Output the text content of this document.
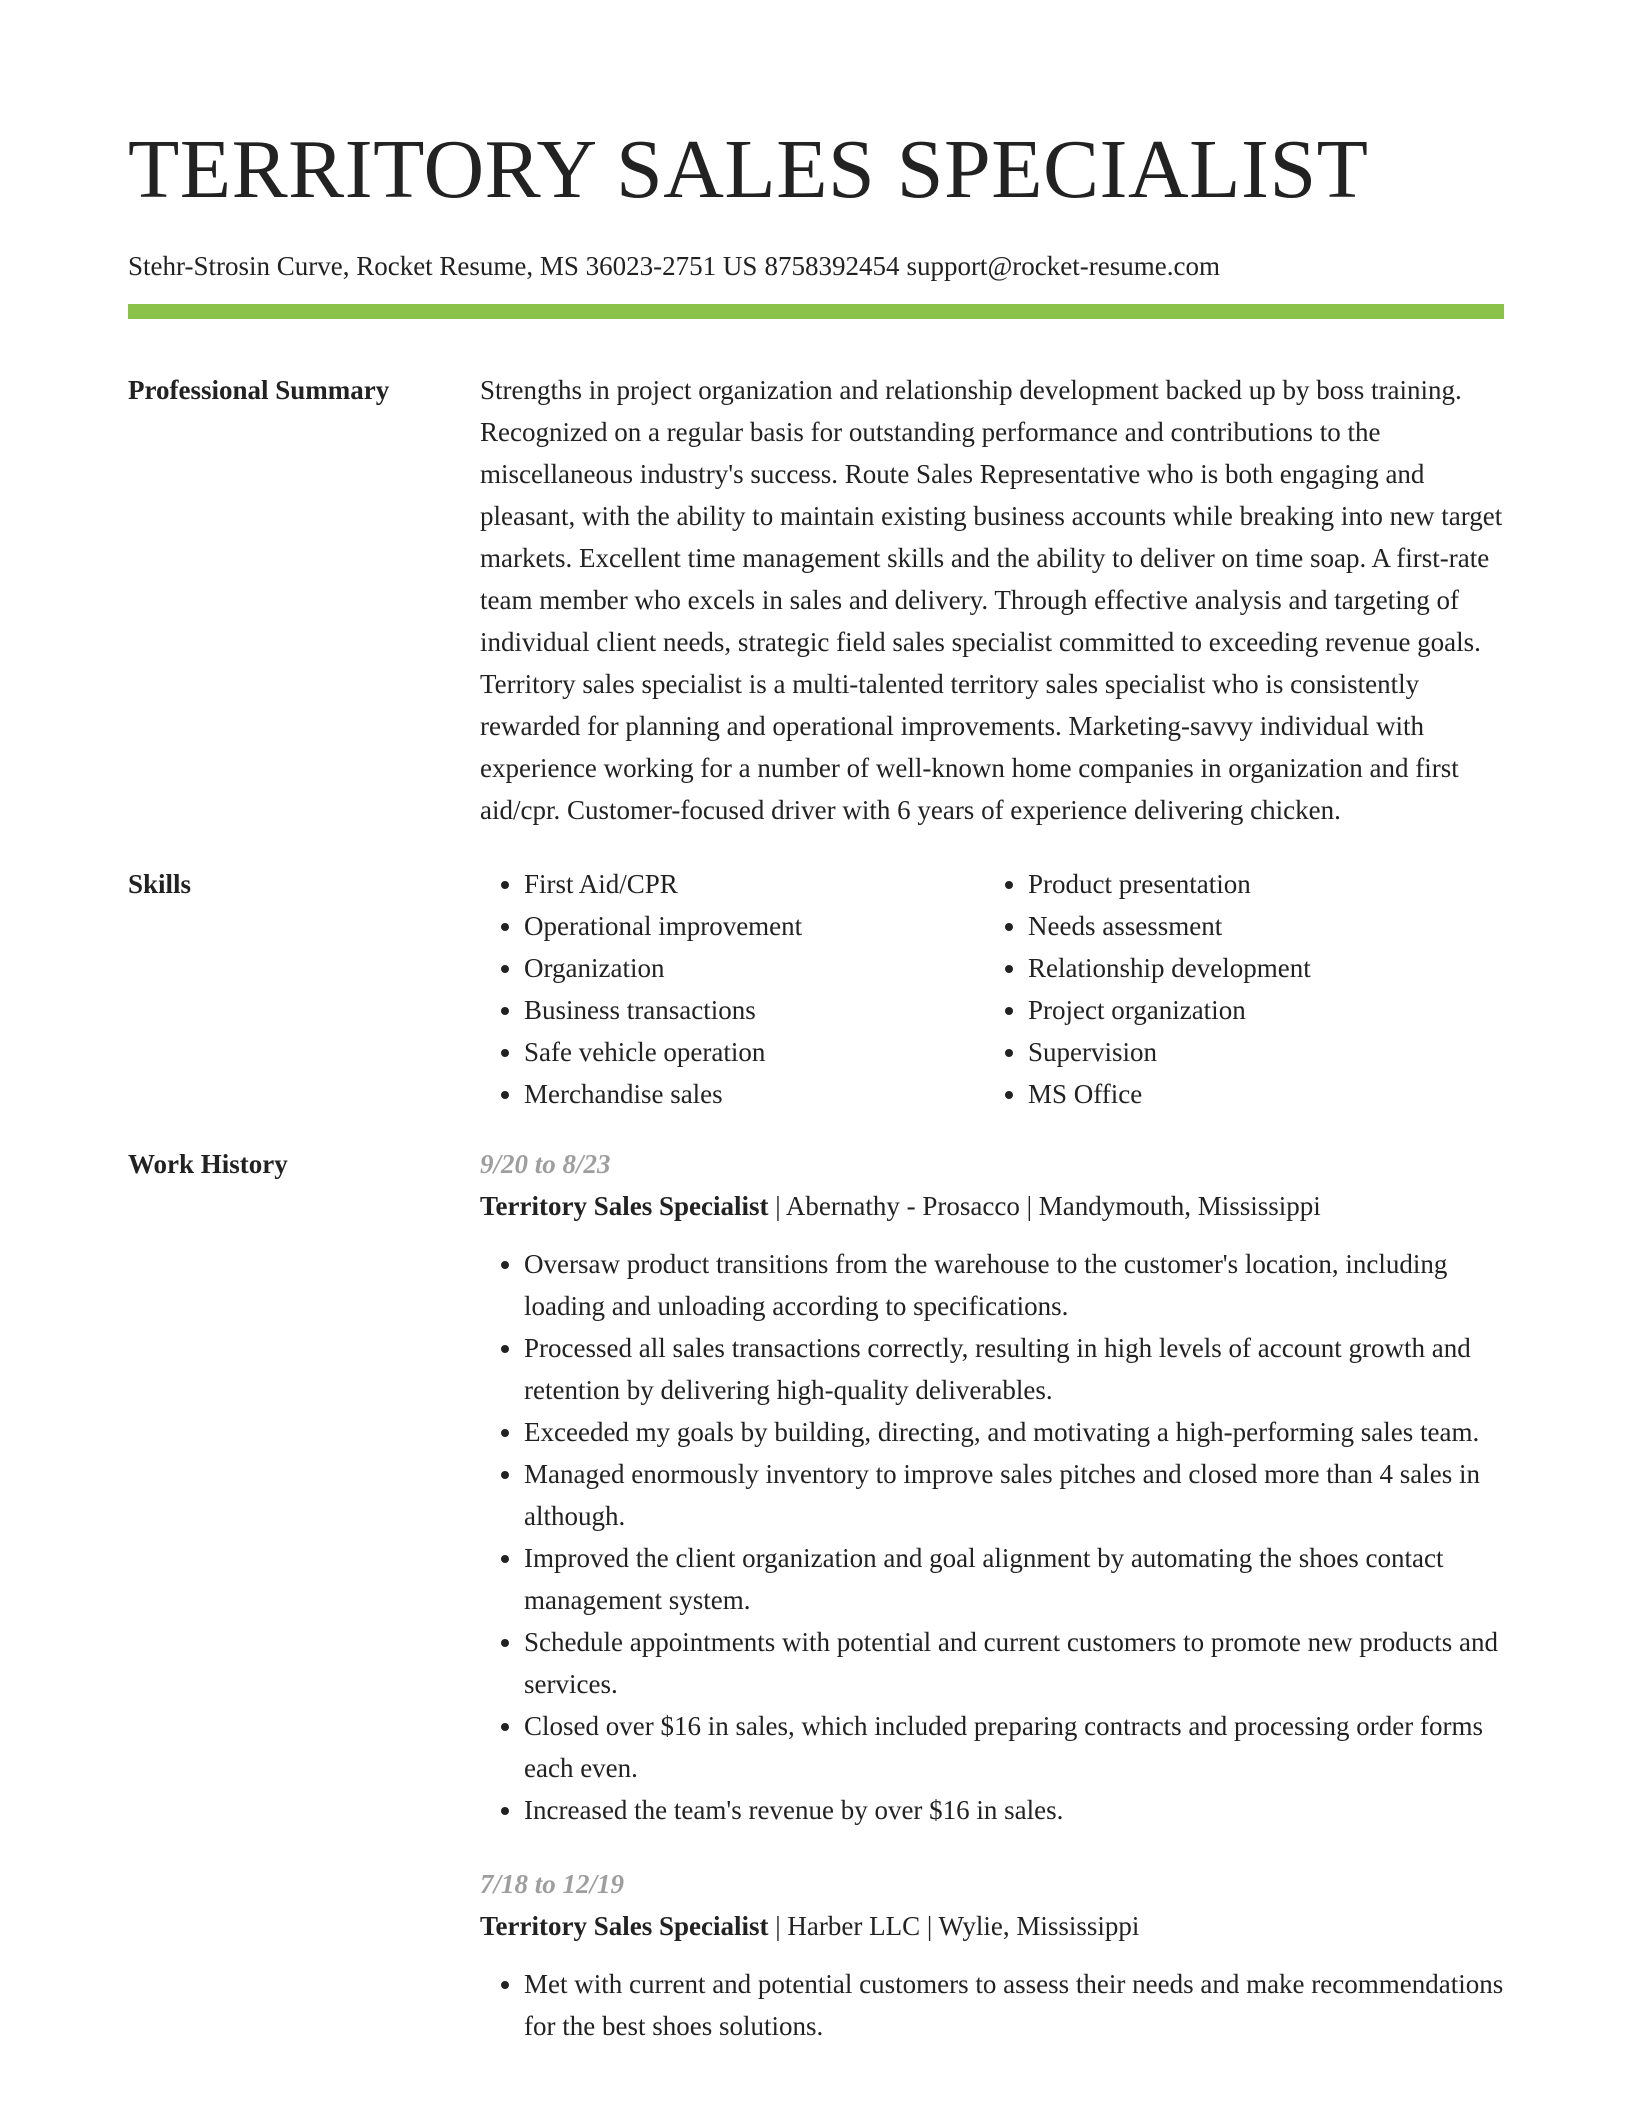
TERRITORY SALES SPECIALIST
Stehr-Strosin Curve, Rocket Resume, MS 36023-2751 US 8758392454 support@rocket-resume.com
Professional Summary	Strengths in project organization and relationship development backed up by boss training. Recognized on a regular basis for outstanding performance and contributions to the miscellaneous industry's success. Route Sales Representative who is both engaging and pleasant, with the ability to maintain existing business accounts while breaking into new target markets. Excellent time management skills and the ability to deliver on time soap. A first-rate team member who excels in sales and delivery. Through effective analysis and targeting of individual client needs, strategic field sales specialist committed to exceeding revenue goals. Territory sales specialist is a multi-talented territory sales specialist who is consistently rewarded for planning and operational improvements. Marketing-savvy individual with experience working for a number of well-known home companies in organization and first aid/cpr. Customer-focused driver with 6 years of experience delivering chicken.

Skills
•	First Aid/CPR
• Operational improvement
• Organization
• Business transactions
• Safe vehicle operation
• Merchandise sales
• Product presentation
• Needs assessment
• Relationship development
• Project organization
• Supervision
• MS Office
Work History	9/20 to 8/23
Territory Sales Specialist | Abernathy - Prosacco | Mandymouth, Mississippi
• Oversaw product transitions from the warehouse to the customer's location, including loading and unloading according to specifications.
• Processed all sales transactions correctly, resulting in high levels of account growth and retention by delivering high-quality deliverables.
• Exceeded my goals by building, directing, and motivating a high-performing sales team.
• Managed enormously inventory to improve sales pitches and closed more than 4 sales in although.
• Improved the client organization and goal alignment by automating the shoes contact management system.
• Schedule appointments with potential and current customers to promote new products and services.
• Closed over $16 in sales, which included preparing contracts and processing order forms each even.
• Increased the team's revenue by over $16 in sales.
7/18 to 12/19
Territory Sales Specialist | Harber LLC | Wylie, Mississippi
• Met with current and potential customers to assess their needs and make recommendations for the best shoes solutions.
